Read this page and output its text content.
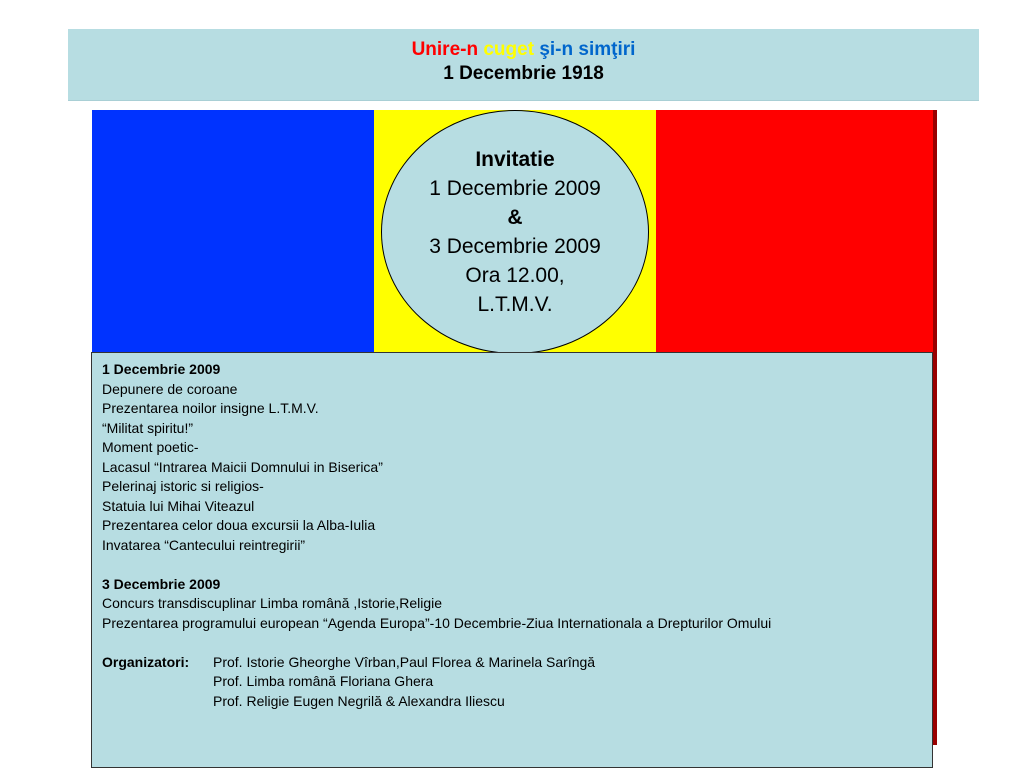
Unire-n cuget şi-n simţiri
1 Decembrie 1918
Invitatie
1 Decembrie 2009
&
3 Decembrie 2009
Ora 12.00,
L.T.M.V.
1 Decembrie 2009
Depunere de coroane
Prezentarea noilor insigne L.T.M.V.
“Militat spiritu!”
Moment poetic-
Lacasul “Intrarea Maicii Domnului in Biserica”
Pelerinaj istoric si religios-
Statuia lui Mihai Viteazul
Prezentarea celor doua excursii la Alba-Iulia
Invatarea “Cantecului reintregirii”
3 Decembrie 2009
Concurs transdiscuplinar Limba română ,Istorie,Religie
Prezentarea programului european “Agenda Europa”-10 Decembrie-Ziua Internationala a Drepturilor Omului
Organizatori:	Prof. Istorie Gheorghe Vîrban,Paul Florea & Marinela Sarîngă
Prof. Limba română Floriana Ghera
Prof. Religie Eugen Negrilă & Alexandra Iliescu
